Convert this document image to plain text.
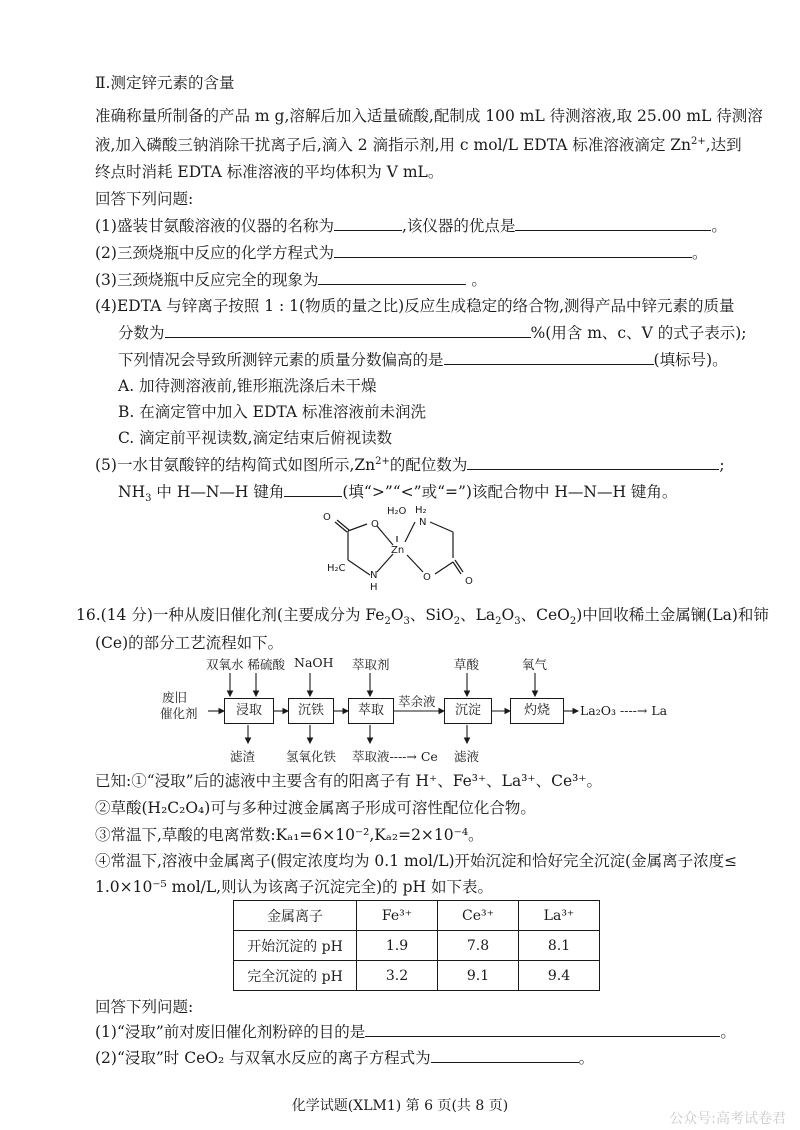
Ⅱ.测定锌元素的含量
准确称量所制备的产品 m g,溶解后加入适量硫酸,配制成 100 mL 待测溶液,取 25.00 mL 待测溶
液,加入磷酸三钠消除干扰离子后,滴入 2 滴指示剂,用 c mol/L EDTA 标准溶液滴定 $Zn^{2+}$,达到
终点时消耗 EDTA 标准溶液的平均体积为 V mL。
回答下列问题:
(1)盛装甘氨酸溶液的仪器的名称为	,该仪器的优点是	。
(2)三颈烧瓶中反应的化学方程式为	。
(3)三颈烧瓶中反应完全的现象为	。
(4)EDTA 与锌离子按照 1 : 1(物质的量之比)反应生成稳定的络合物,测得产品中锌元素的质量
分数为	%(用含 m、c、V 的式子表示);
下列情况会导致所测锌元素的质量分数偏高的是	(填标号)。
A. 加待测溶液前,锥形瓶洗涤后未干燥
B. 在滴定管中加入 EDTA 标准溶液前未润洗
C. 滴定前平视读数,滴定结束后俯视读数
(5)一水甘氨酸锌的结构简式如图所示$,Zn^{2+}$的配位数为	;
$NH_3$ 中 H—N—H 键角	(填“>”“<”或“=”)该配合物中 H—N—H 键角。
O
O
H₂O H₂
N
Zn
H₂C
N
H
O	O
16.(14 分)一种从废旧催化剂(主要成分为 $Fe_2O_3$、SiO$_2$、$La_2O_3$、CeO$_2$)中回收稀土金属镧(La)和铈
(Ce)的部分工艺流程如下。
废旧
催化剂
双氧水 稀硫酸 NaOH 萃取剂	草酸	氧气
浸取	沉铁	萃取	沉淀	灼烧
萃余液
La₂O₃ ----→ La
滤渣 氢氧化铁 萃取液----→ Ce 滤液
已知:①“浸取”后的滤液中主要含有的阳离子有 H⁺、Fe³⁺、La³⁺、Ce³⁺。
②草酸(H₂C₂O₄)可与多种过渡金属离子形成可溶性配位化合物。
③常温下,草酸的电离常数:Kₐ₁=6×10⁻²,Kₐ₂=2×10⁻⁴。
④常温下,溶液中金属离子(假定浓度均为 0.1 mol/L)开始沉淀和恰好完全沉淀(金属离子浓度≤
1.0×10⁻⁵ mol/L,则认为该离子沉淀完全)的 pH 如下表。
金属离子	Fe³⁺	Ce³⁺	La³⁺
开始沉淀的 pH	1.9	7.8	8.1
完全沉淀的 pH	3.2	9.1	9.4
回答下列问题:
(1)“浸取”前对废旧催化剂粉碎的目的是	。
(2)“浸取”时 CeO₂ 与双氧水反应的离子方程式为	。
化学试题(XLM1) 第 6 页(共 8 页)
公众号:高考试卷君
